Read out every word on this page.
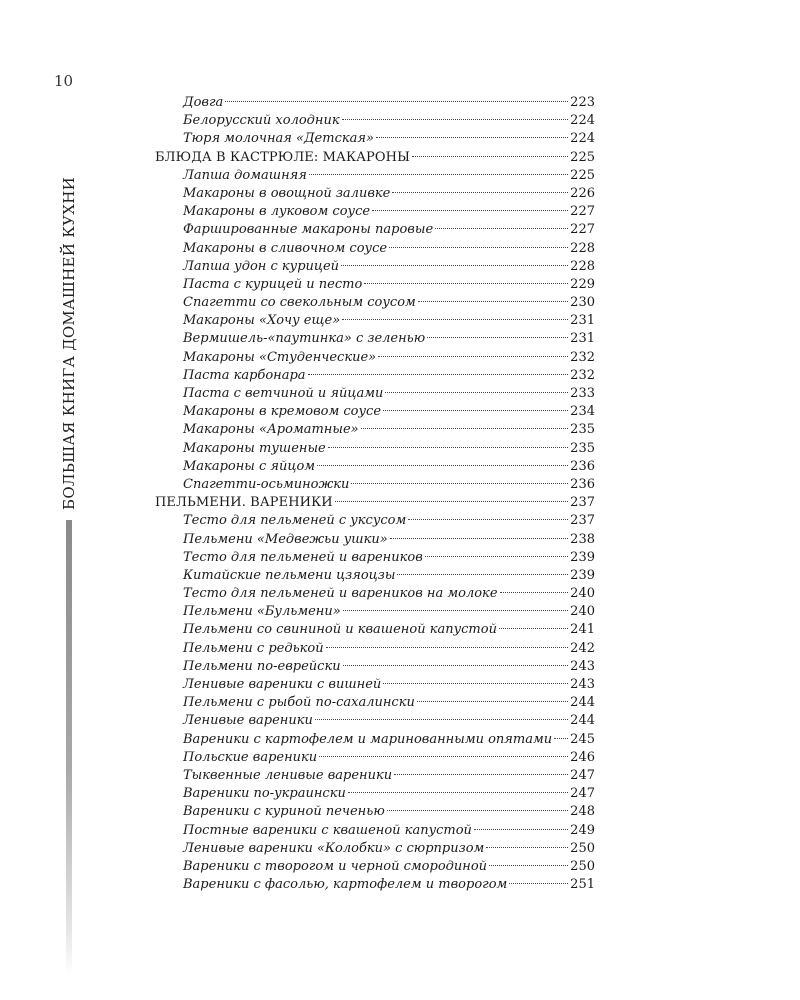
10
БОЛЬШАЯ КНИГА ДОМАШНЕЙ КУХНИ
Довга	223
Белорусский холодник	224
Тюря молочная «Детская»	224
БЛЮДА В КАСТРЮЛЕ: МАКАРОНЫ	225
Лапша домашняя	225
Макароны в овощной заливке	226
Макароны в луковом соусе	227
Фаршированные макароны паровые	227
Макароны в сливочном соусе	228
Лапша удон с курицей	228
Паста с курицей и песто	229
Спагетти со свекольным соусом	230
Макароны «Хочу еще»	231
Вермишель-«паутинка» с зеленью	231
Макароны «Студенческие»	232
Паста карбонара	232
Паста с ветчиной и яйцами	233
Макароны в кремовом соусе	234
Макароны «Ароматные»	235
Макароны тушеные	235
Макароны с яйцом	236
Спагетти-осьминожки	236
ПЕЛЬМЕНИ. ВАРЕНИКИ	237
Тесто для пельменей с уксусом	237
Пельмени «Медвежьи ушки»	238
Тесто для пельменей и вареников	239
Китайские пельмени цзяоцзы	239
Тесто для пельменей и вареников на молоке	240
Пельмени «Бульмени»	240
Пельмени со свининой и квашеной капустой	241
Пельмени с редькой	242
Пельмени по-еврейски	243
Ленивые вареники с вишней	243
Пельмени с рыбой по-сахалински	244
Ленивые вареники	244
Вареники с картофелем и маринованными опятами 245
Польские вареники	246
Тыквенные ленивые вареники	247
Вареники по-украински	247
Вареники с куриной печенью	248
Постные вареники с квашеной капустой	249
Ленивые вареники «Колобки» с сюрпризом	250
Вареники с творогом и черной смородиной	250
Вареники с фасолью, картофелем и творогом	251
